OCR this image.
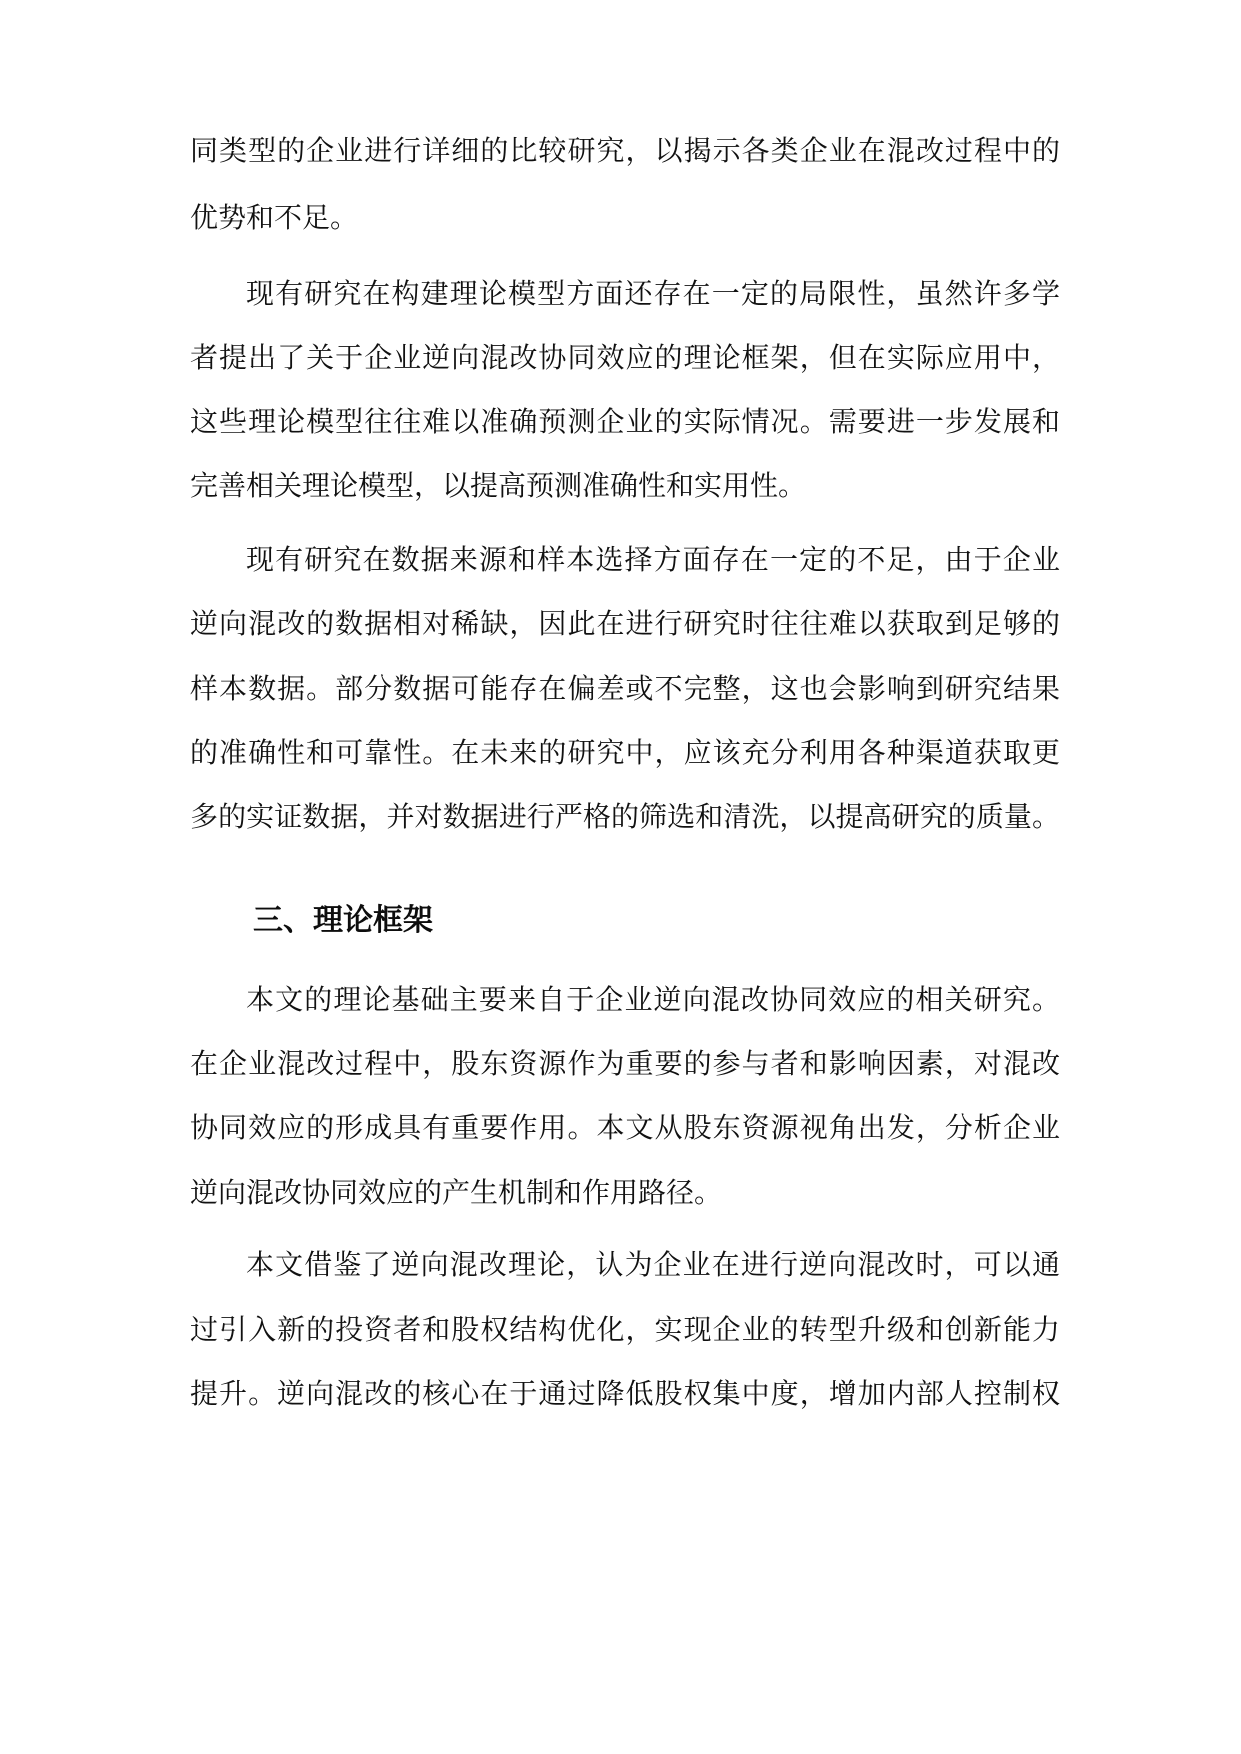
同类型的企业进行详细的比较研究，以揭示各类企业在混改过程中的
优势和不足。
现有研究在构建理论模型方面还存在一定的局限性，虽然许多学
者提出了关于企业逆向混改协同效应的理论框架，但在实际应用中，
这些理论模型往往难以准确预测企业的实际情况。需要进一步发展和
完善相关理论模型，以提高预测准确性和实用性。
现有研究在数据来源和样本选择方面存在一定的不足，由于企业
逆向混改的数据相对稀缺，因此在进行研究时往往难以获取到足够的
样本数据。部分数据可能存在偏差或不完整，这也会影响到研究结果
的准确性和可靠性。在未来的研究中，应该充分利用各种渠道获取更
多的实证数据，并对数据进行严格的筛选和清洗，以提高研究的质量。
三、理论框架
本文的理论基础主要来自于企业逆向混改协同效应的相关研究。
在企业混改过程中，股东资源作为重要的参与者和影响因素，对混改
协同效应的形成具有重要作用。本文从股东资源视角出发，分析企业
逆向混改协同效应的产生机制和作用路径。
本文借鉴了逆向混改理论，认为企业在进行逆向混改时，可以通
过引入新的投资者和股权结构优化，实现企业的转型升级和创新能力
提升。逆向混改的核心在于通过降低股权集中度，增加内部人控制权
